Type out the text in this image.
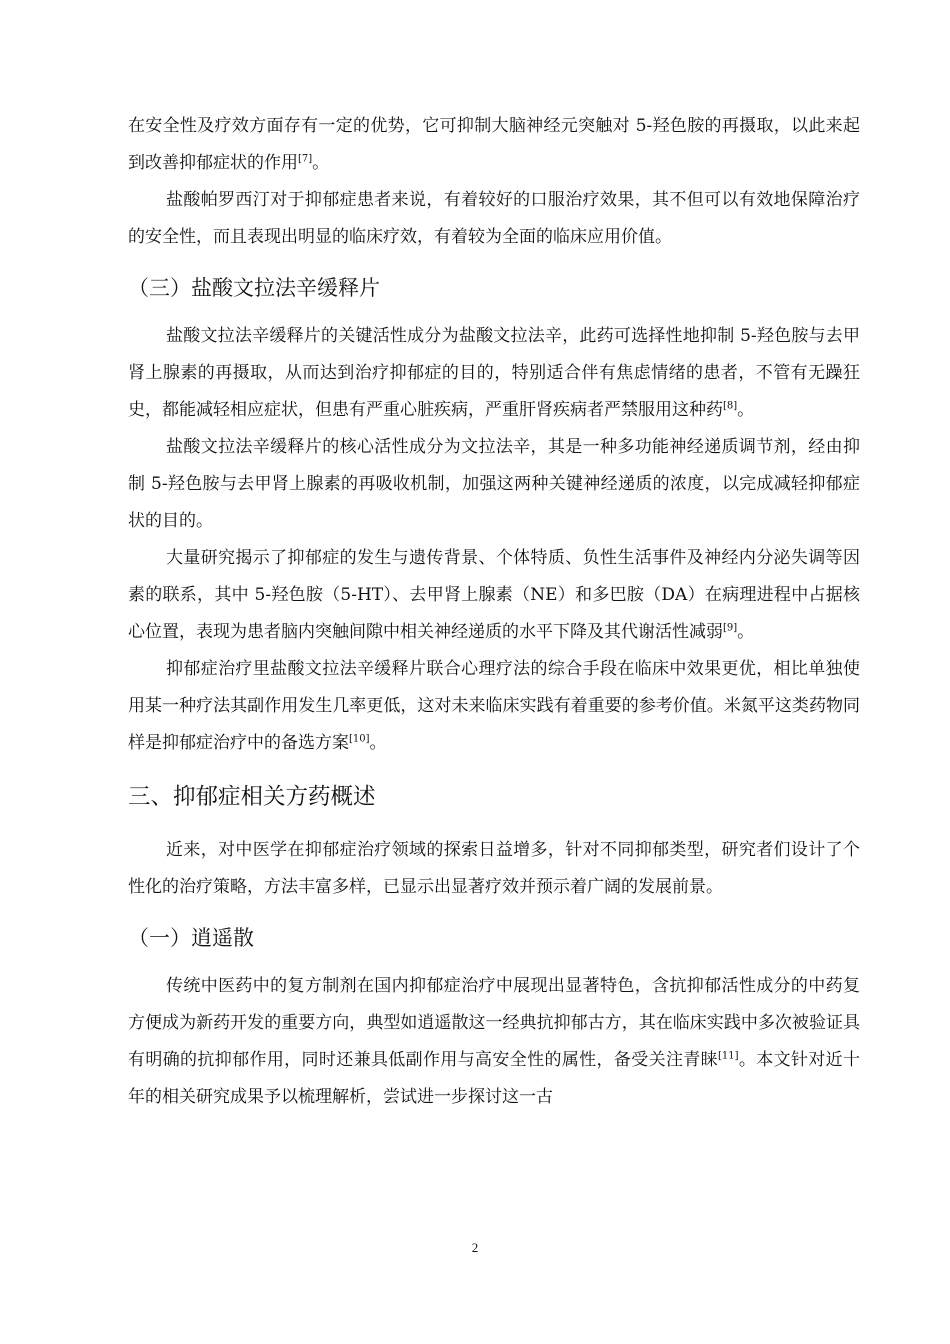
在安全性及疗效方面存有一定的优势，它可抑制大脑神经元突触对 5-羟色胺的再摄取，以此来起到改善抑郁症状的作用[7]。

盐酸帕罗西汀对于抑郁症患者来说，有着较好的口服治疗效果，其不但可以有效地保障治疗的安全性，而且表现出明显的临床疗效，有着较为全面的临床应用价值。

（三）盐酸文拉法辛缓释片

盐酸文拉法辛缓释片的关键活性成分为盐酸文拉法辛，此药可选择性地抑制 5-羟色胺与去甲肾上腺素的再摄取，从而达到治疗抑郁症的目的，特别适合伴有焦虑情绪的患者，不管有无躁狂史，都能减轻相应症状，但患有严重心脏疾病，严重肝肾疾病者严禁服用这种药[8]。

盐酸文拉法辛缓释片的核心活性成分为文拉法辛，其是一种多功能神经递质调节剂，经由抑制 5-羟色胺与去甲肾上腺素的再吸收机制，加强这两种关键神经递质的浓度，以完成减轻抑郁症状的目的。

大量研究揭示了抑郁症的发生与遗传背景、个体特质、负性生活事件及神经内分泌失调等因素的联系，其中 5-羟色胺（5-HT）、去甲肾上腺素（NE）和多巴胺（DA）在病理进程中占据核心位置，表现为患者脑内突触间隙中相关神经递质的水平下降及其代谢活性减弱[9]。

抑郁症治疗里盐酸文拉法辛缓释片联合心理疗法的综合手段在临床中效果更优，相比单独使用某一种疗法其副作用发生几率更低，这对未来临床实践有着重要的参考价值。米氮平这类药物同样是抑郁症治疗中的备选方案[10]。

三、抑郁症相关方药概述

近来，对中医学在抑郁症治疗领域的探索日益增多，针对不同抑郁类型，研究者们设计了个性化的治疗策略，方法丰富多样，已显示出显著疗效并预示着广阔的发展前景。

（一）逍遥散

传统中医药中的复方制剂在国内抑郁症治疗中展现出显著特色，含抗抑郁活性成分的中药复方便成为新药开发的重要方向，典型如逍遥散这一经典抗抑郁古方，其在临床实践中多次被验证具有明确的抗抑郁作用，同时还兼具低副作用与高安全性的属性，备受关注青睐[11]。本文针对近十年的相关研究成果予以梳理解析，尝试进一步探讨这一古

2
